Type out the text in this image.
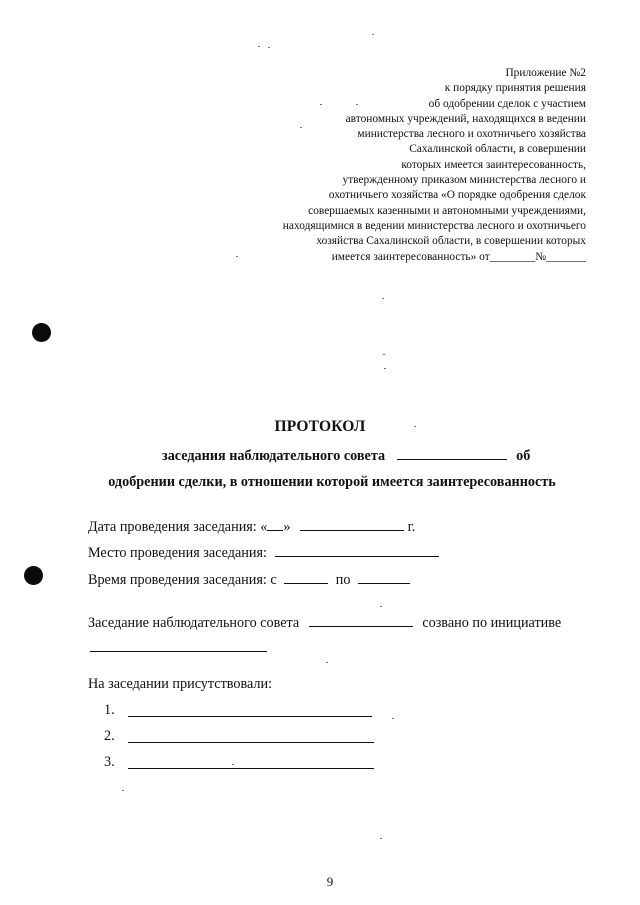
Приложение №2
к порядку принятия решения
об одобрении сделок с участием
автономных учреждений, находящихся в ведении
министерства лесного и охотничьего хозяйства
Сахалинской области, в совершении
которых имеется заинтересованность,
утвержденному приказом министерства лесного и
охотничьего хозяйства «О порядке одобрения сделок
совершаемых казенными и автономными учреждениями,
находящимися в ведении министерства лесного и охотничьего
хозяйства Сахалинской области, в совершении которых
имеется заинтересованность» от________№_______
ПРОТОКОЛ
заседания наблюдательного совета	об
одобрении сделки, в отношении которой имеется заинтересованность
Дата проведения заседания: « »	г.
Место проведения заседания:
Время проведения заседания: с	по
Заседание наблюдательного совета	созвано по инициативе
На заседании присутствовали:
1.
2.
3.
9
